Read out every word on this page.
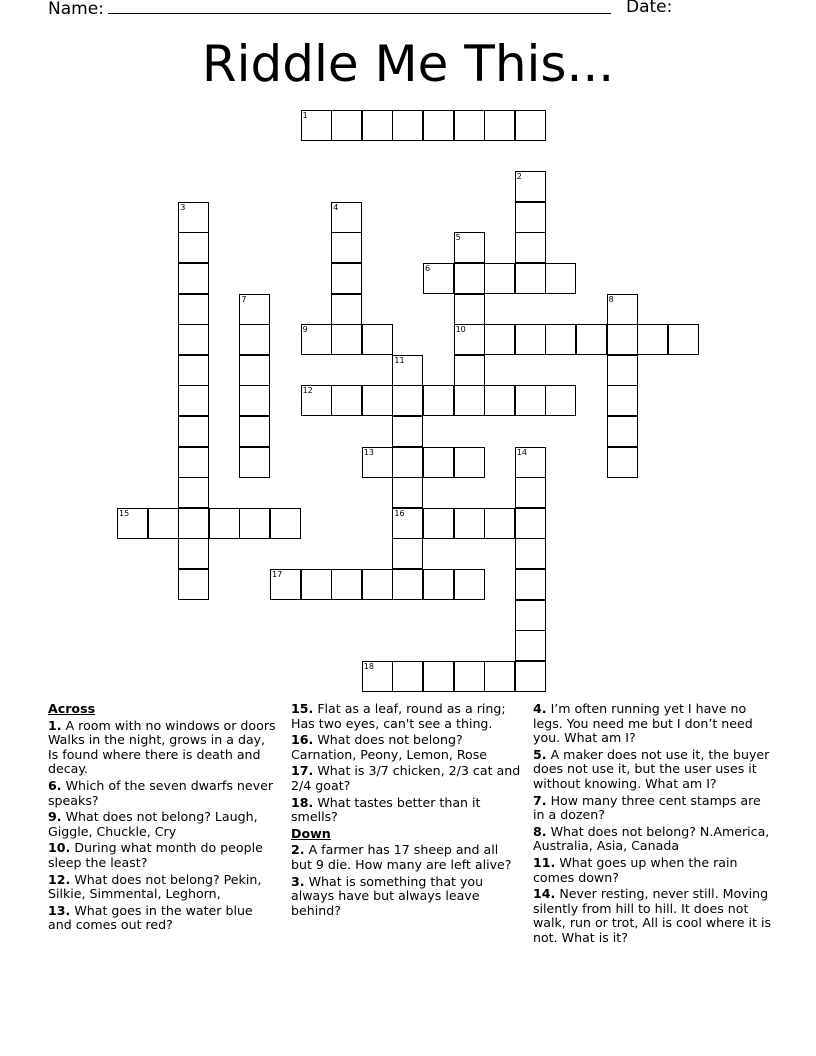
Name:	Date:
Riddle Me This...
1
6
9	10
12
13
15	16
17
18
2
3	4
5
7	8
11
14
Across
1. A room with no windows or doors Walks in the night, grows in a day, Is found where there is death and decay.
6. Which of the seven dwarfs never speaks?
9. What does not belong? Laugh, Giggle, Chuckle, Cry
10. During what month do people sleep the least?
12. What does not belong? Pekin, Silkie, Simmental, Leghorn,
13. What goes in the water blue and comes out red?
15. Flat as a leaf, round as a ring; Has two eyes, can't see a thing.
16. What does not belong? Carnation, Peony, Lemon, Rose
17. What is 3/7 chicken, 2/3 cat and 2/4 goat?
18. What tastes better than it smells?
Down
2. A farmer has 17 sheep and all but 9 die. How many are left alive?
3. What is something that you always have but always leave behind?
4. I’m often running yet I have no legs. You need me but I don’t need you. What am I?
5. A maker does not use it, the buyer does not use it, but the user uses it without knowing. What am I?
7. How many three cent stamps are in a dozen?
8. What does not belong? N.America, Australia, Asia, Canada
11. What goes up when the rain comes down?
14. Never resting, never still. Moving silently from hill to hill. It does not walk, run or trot, All is cool where it is not. What is it?
